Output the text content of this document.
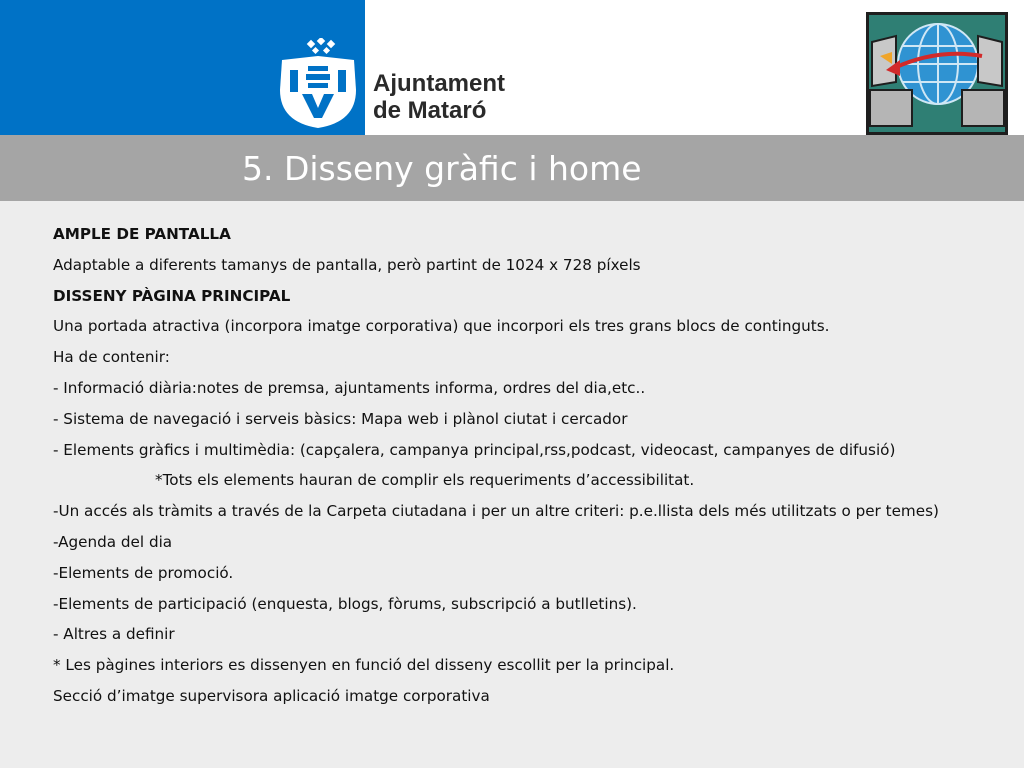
Ajuntament
de Mataró
5. Disseny gràfic i home

AMPLE DE PANTALLA

Adaptable a diferents tamanys de pantalla, però partint de 1024 x 728 píxels

DISSENY PÀGINA PRINCIPAL

Una portada atractiva (incorpora imatge corporativa) que incorpori els tres grans blocs de continguts.

Ha de contenir:

- Informació diària:notes de premsa, ajuntaments informa, ordres del dia,etc..

- Sistema de navegació i serveis bàsics: Mapa web i plànol ciutat i cercador

- Elements gràfics i multimèdia: (capçalera, campanya principal,rss,podcast, videocast, campanyes de difusió)

*Tots els elements hauran de complir els requeriments d’accessibilitat.

-Un accés als tràmits a través de la Carpeta ciutadana i per un altre criteri: p.e.llista dels més utilitzats o per temes)

-Agenda del dia

-Elements de promoció.

-Elements de participació (enquesta, blogs, fòrums, subscripció a butlletins).

- Altres a definir

* Les pàgines interiors es dissenyen en funció del disseny escollit per la principal.

Secció d’imatge supervisora aplicació imatge corporativa
